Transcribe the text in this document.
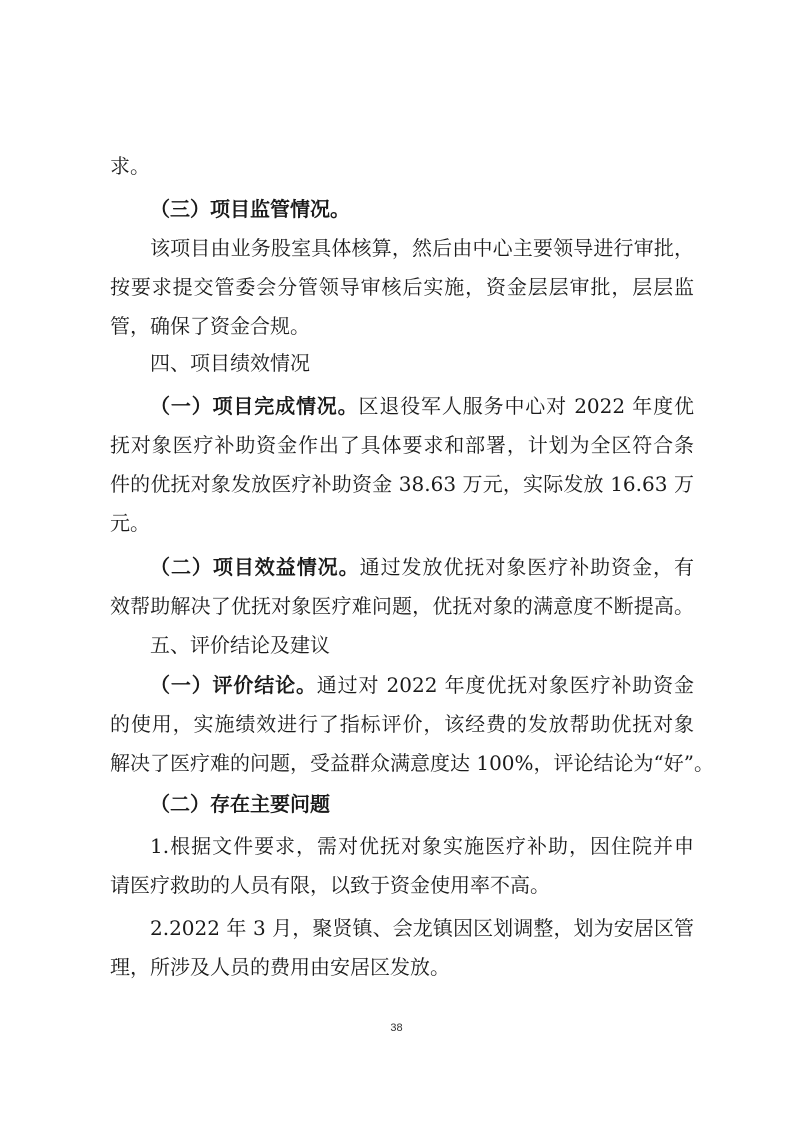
求。
（三）项目监管情况。
该项目由业务股室具体核算，然后由中心主要领导进行审批，
按要求提交管委会分管领导审核后实施，资金层层审批，层层监
管，确保了资金合规。
四、项目绩效情况
（一）项目完成情况。区退役军人服务中心对 2022 年度优
抚对象医疗补助资金作出了具体要求和部署，计划为全区符合条
件的优抚对象发放医疗补助资金 38.63 万元，实际发放 16.63 万
元。
（二）项目效益情况。通过发放优抚对象医疗补助资金，有
效帮助解决了优抚对象医疗难问题，优抚对象的满意度不断提高。
五、评价结论及建议
（一）评价结论。通过对 2022 年度优抚对象医疗补助资金
的使用，实施绩效进行了指标评价，该经费的发放帮助优抚对象
解决了医疗难的问题，受益群众满意度达 100%，评论结论为“好”。
（二）存在主要问题
1.根据文件要求，需对优抚对象实施医疗补助，因住院并申
请医疗救助的人员有限，以致于资金使用率不高。
2.2022 年 3 月，聚贤镇、会龙镇因区划调整，划为安居区管
理，所涉及人员的费用由安居区发放。
38
